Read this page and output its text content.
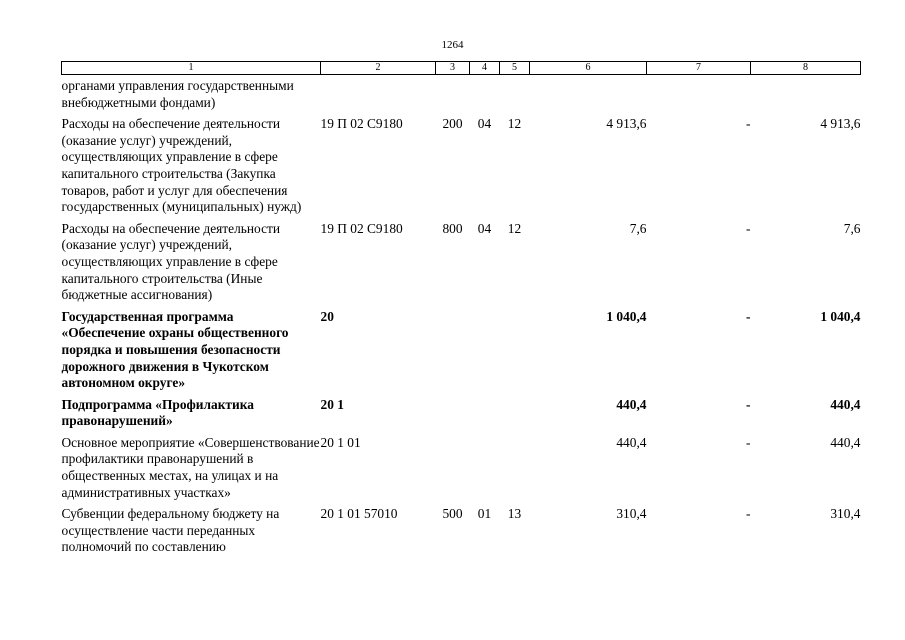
1264
1	2	3	4	5	6	7	8
органами управления государственными внебюджетными фондами)							
Расходы на обеспечение деятельности (оказание услуг) учреждений, осуществляющих управление в сфере капитального строительства (Закупка товаров, работ и услуг для обеспечения государственных (муниципальных) нужд)	19 П 02 С9180	200	04	12	4 913,6	-	4 913,6
Расходы на обеспечение деятельности (оказание услуг) учреждений, осуществляющих управление в сфере капитального строительства (Иные бюджетные ассигнования)	19 П 02 С9180	800	04	12	7,6	-	7,6
Государственная программа «Обеспечение охраны общественного порядка и повышения безопасности дорожного движения в Чукотском автономном округе»	20				1 040,4	-	1 040,4
Подпрограмма «Профилактика правонарушений»	20 1				440,4	-	440,4
Основное мероприятие «Совершенствование профилактики правонарушений в общественных местах, на улицах и на административных участках»	20 1 01				440,4	-	440,4
Субвенции федеральному бюджету на осуществление части переданных полномочий по составлению	20 1 01 57010	500	01	13	310,4	-	310,4
